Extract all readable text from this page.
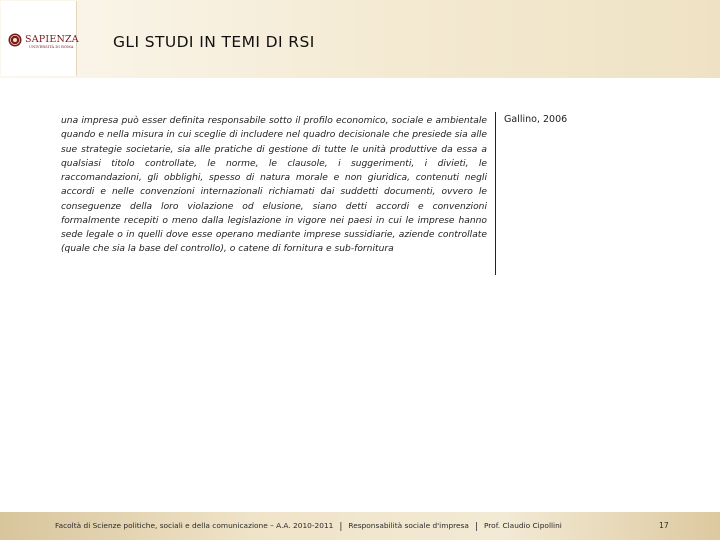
SAPIENZA
UNIVERSITÀ DI ROMA	GLI STUDI IN TEMI DI RSI

una impresa può esser definita responsabile sotto il profilo economico, sociale e ambientale quando e nella misura in cui sceglie di includere nel quadro decisionale che presiede sia alle sue strategie societarie, sia alle pratiche di gestione di tutte le unità produttive da essa a qualsiasi titolo controllate, le norme, le clausole, i suggerimenti, i divieti, le raccomandazioni, gli obblighi, spesso di natura morale e non giuridica, contenuti negli accordi e nelle convenzioni internazionali richiamati dai suddetti documenti, ovvero le conseguenze della loro violazione od elusione, siano detti accordi e convenzioni formalmente recepiti o meno dalla legislazione in vigore nei paesi in cui le imprese hanno sede legale o in quelli dove esse operano mediante imprese sussidiarie, aziende controllate (quale che sia la base del controllo), o catene di fornitura e sub-fornitura

Gallino, 2006
Facoltà di Scienze politiche, sociali e della comunicazione – A.A. 2010-2011 | Responsabilità sociale d'impresa | Prof. Claudio Cipollini	17
